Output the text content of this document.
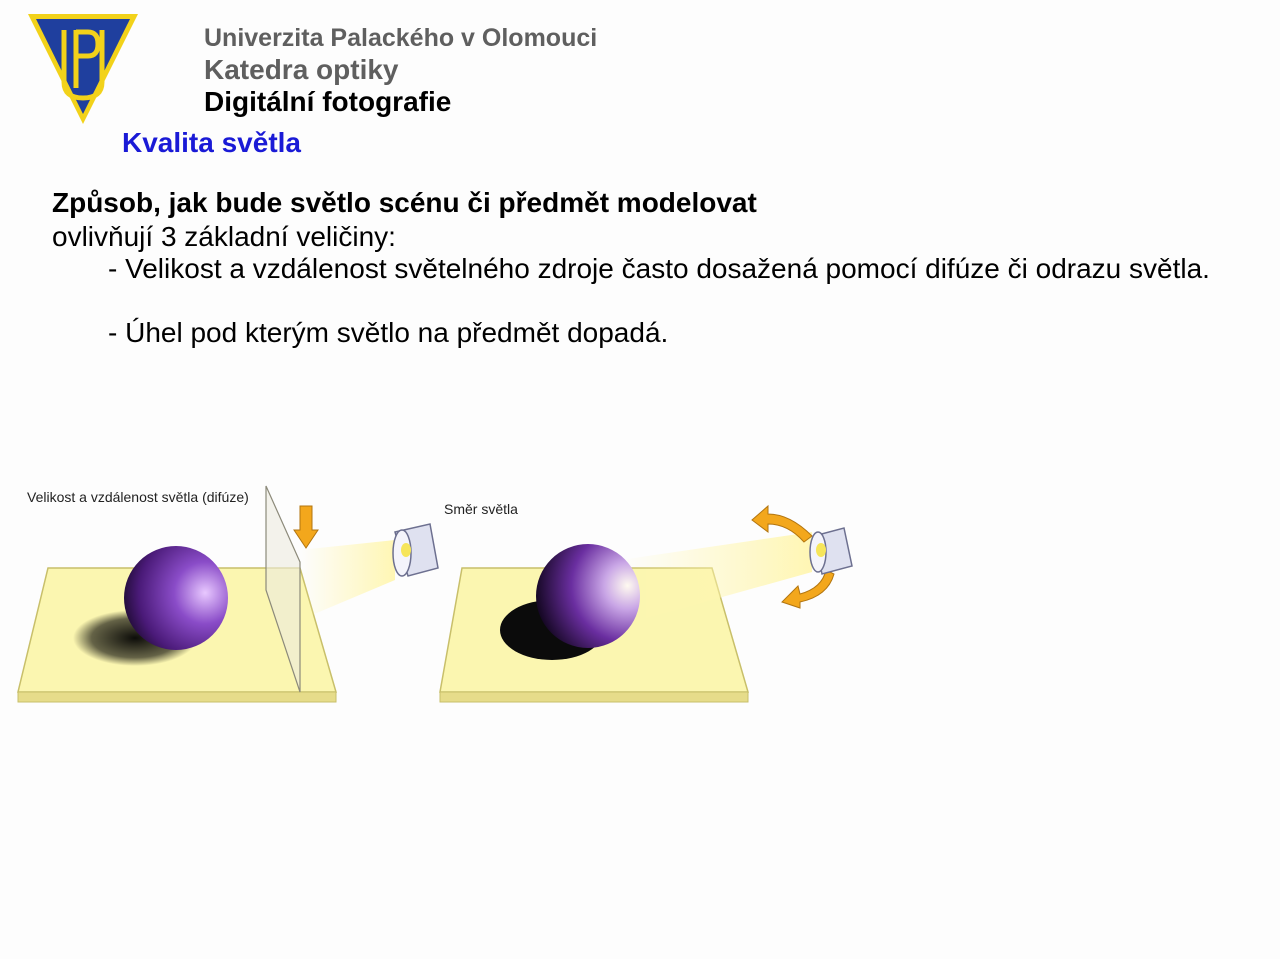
Univerzita Palackého v Olomouci
Katedra optiky
Digitální fotografie
Kvalita světla
Způsob, jak bude světlo scénu či předmět modelovat
ovlivňují 3 základní veličiny:
- Velikost a vzdálenost světelného zdroje často dosažená pomocí difúze či odrazu světla.
- Úhel pod kterým světlo na předmět dopadá.
Velikost a vzdálenost světla (difúze)
Směr světla
